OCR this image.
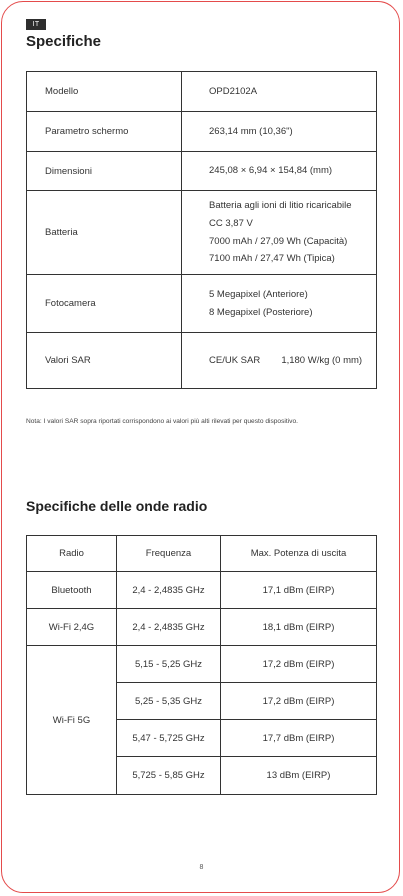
IT
Specifiche
Modello	OPD2102A

Parametro schermo	263,14 mm (10,36")

Dimensioni	245,08 × 6,94 × 154,84 (mm)

Batteria	Batteria agli ioni di litio ricaricabile
CC 3,87 V
7000 mAh / 27,09 Wh (Capacità)
7100 mAh / 27,47 Wh (Tipica)

Fotocamera	5 Megapixel (Anteriore)
8 Megapixel (Posteriore)

Valori SAR	CE/UK SAR        1,180 W/kg (0 mm)
Nota: I valori SAR sopra riportati corrispondono ai valori più alti rilevati per questo dispositivo.
Specifiche delle onde radio
Radio	Frequenza	Max. Potenza di uscita
Bluetooth	2,4 - 2,4835 GHz	17,1 dBm (EIRP)
Wi-Fi 2,4G	2,4 - 2,4835 GHz	18,1 dBm (EIRP)
Wi-Fi 5G	5,15 - 5,25 GHz	17,2 dBm (EIRP)
	5,25 - 5,35 GHz	17,2 dBm (EIRP)
	5,47 - 5,725 GHz	17,7 dBm (EIRP)
	5,725 - 5,85 GHz	13 dBm (EIRP)
8
